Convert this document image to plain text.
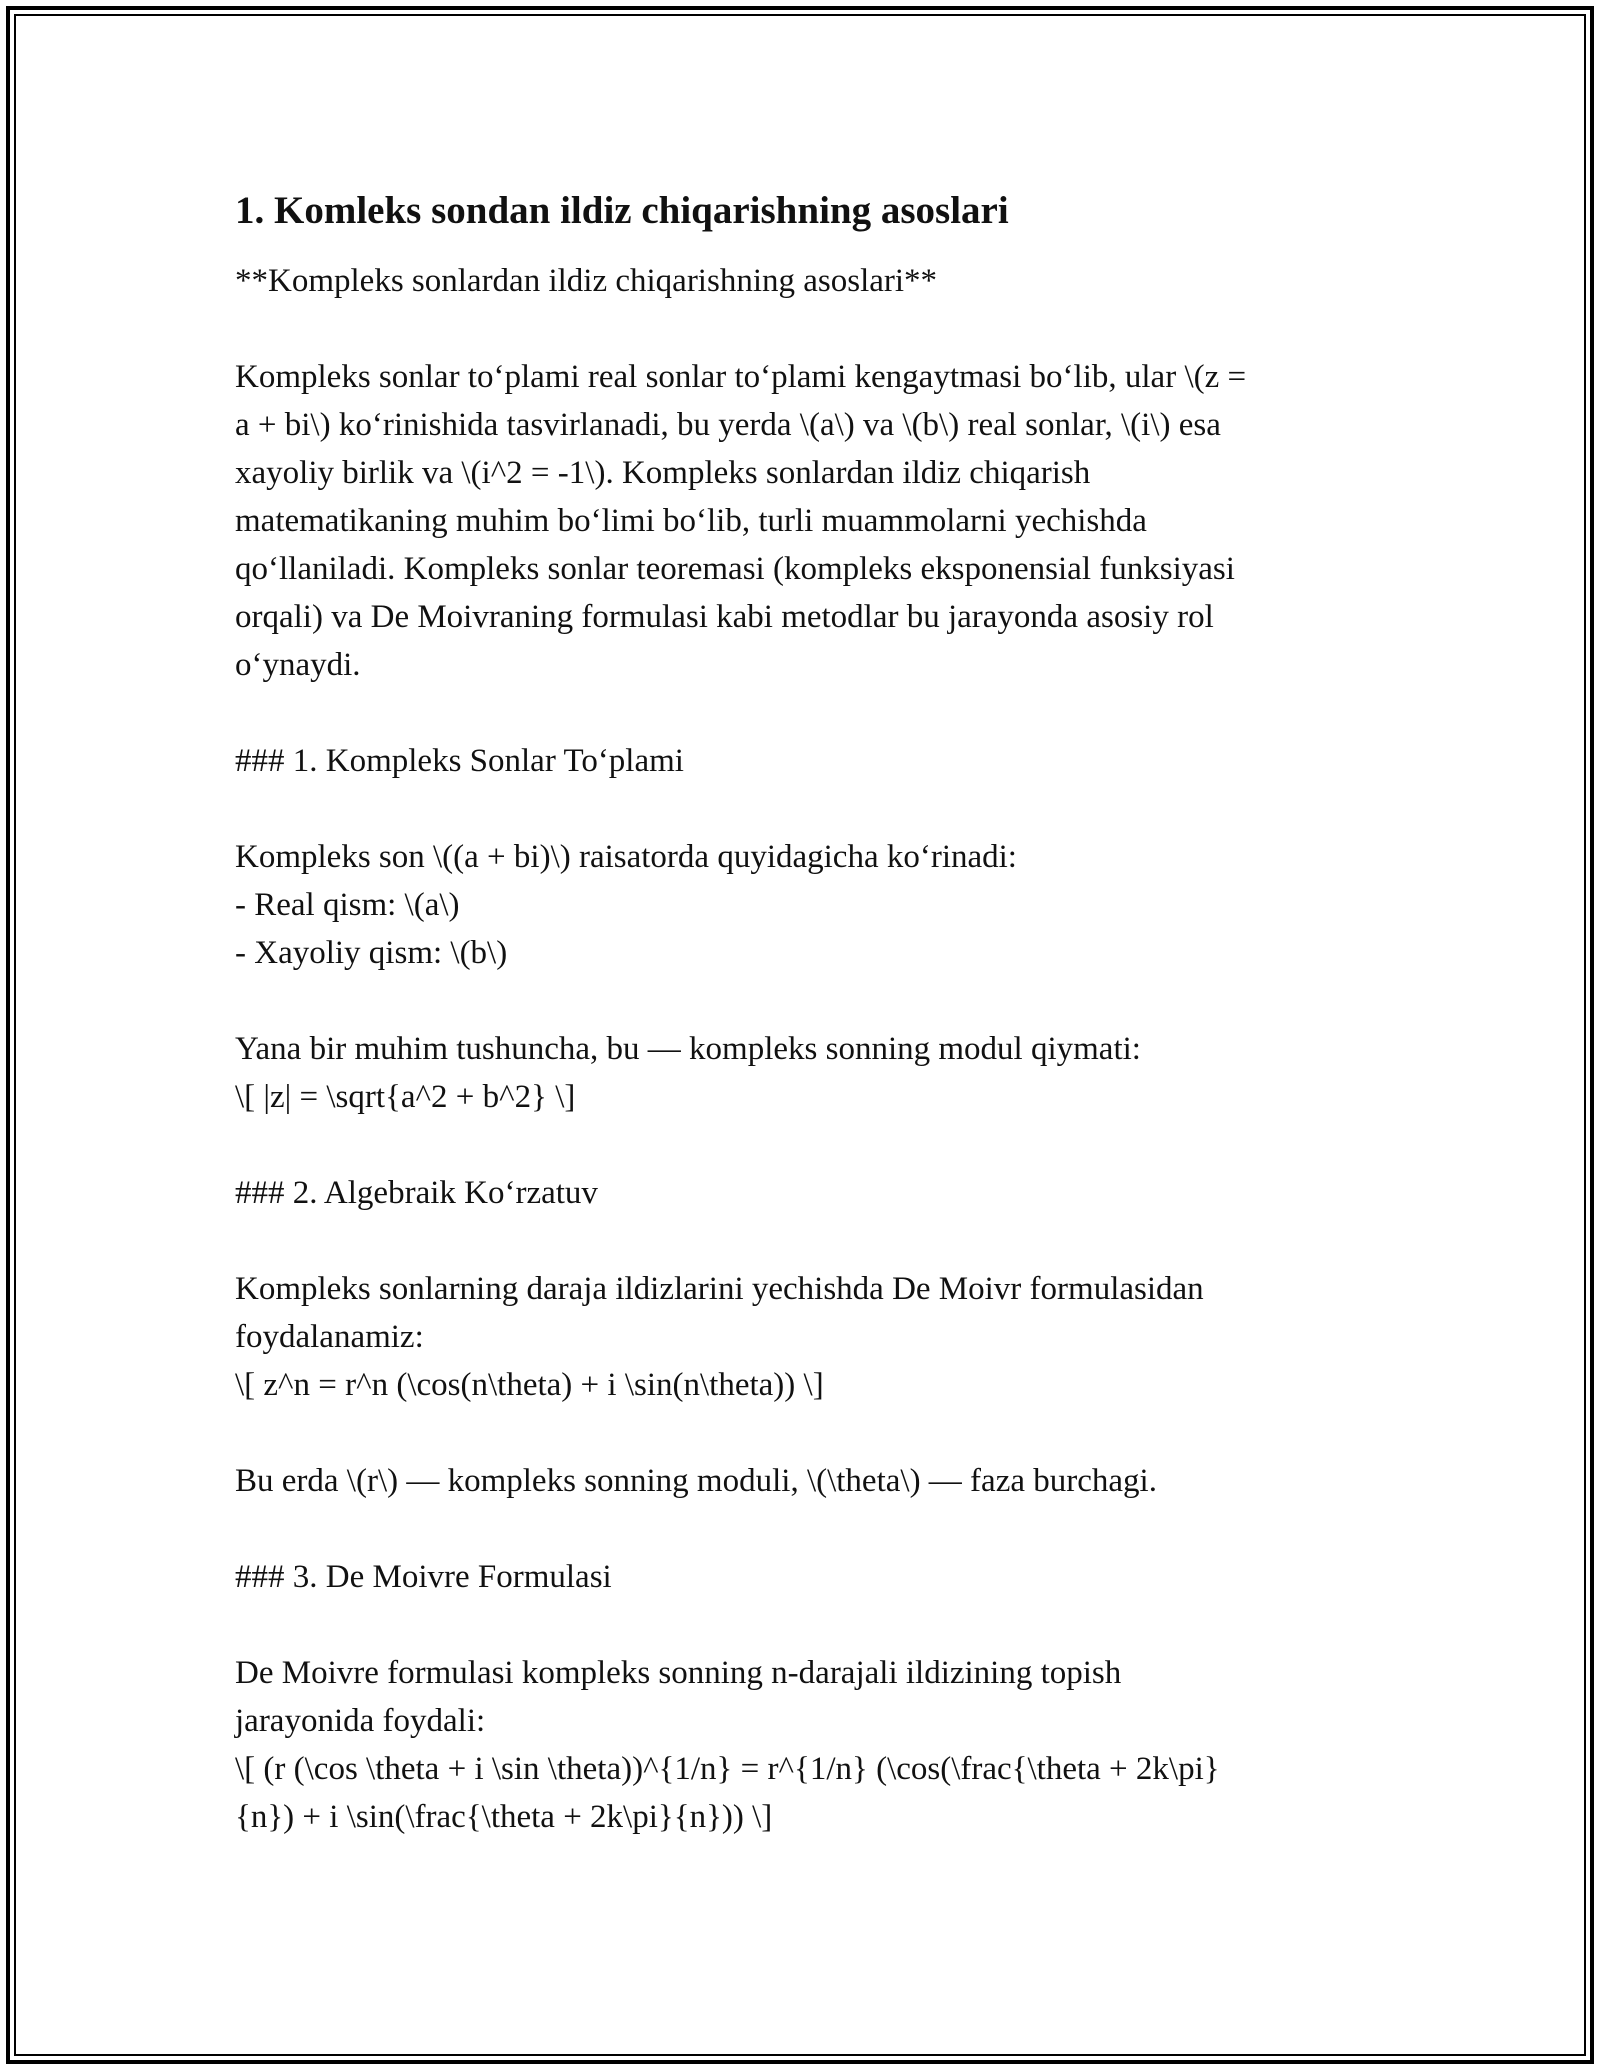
1. Komleks sondan ildiz chiqarishning asoslari
**Kompleks sonlardan ildiz chiqarishning asoslari**
Kompleks sonlar to‘plami real sonlar to‘plami kengaytmasi bo‘lib, ular \(z =
a + bi\) ko‘rinishida tasvirlanadi, bu yerda \(a\) va \(b\) real sonlar, \(i\) esa
xayoliy birlik va \(i^2 = -1\). Kompleks sonlardan ildiz chiqarish
matematikaning muhim bo‘limi bo‘lib, turli muammolarni yechishda
qo‘llaniladi. Kompleks sonlar teoremasi (kompleks eksponensial funksiyasi
orqali) va De Moivraning formulasi kabi metodlar bu jarayonda asosiy rol
o‘ynaydi.
### 1. Kompleks Sonlar To‘plami
Kompleks son \((a + bi)\) raisatorda quyidagicha ko‘rinadi:
- Real qism: \(a\)
- Xayoliy qism: \(b\)
Yana bir muhim tushuncha, bu — kompleks sonning modul qiymati:
\[ |z| = \sqrt{a^2 + b^2} \]
### 2. Algebraik Ko‘rzatuv
Kompleks sonlarning daraja ildizlarini yechishda De Moivr formulasidan
foydalanamiz:
\[ z^n = r^n (\cos(n\theta) + i \sin(n\theta)) \]
Bu erda \(r\) — kompleks sonning moduli, \(\theta\) — faza burchagi.
### 3. De Moivre Formulasi
De Moivre formulasi kompleks sonning n-darajali ildizining topish
jarayonida foydali:
\[ (r (\cos \theta + i \sin \theta))^{1/n} = r^{1/n} (\cos(\frac{\theta + 2k\pi}
{n}) + i \sin(\frac{\theta + 2k\pi}{n})) \]
